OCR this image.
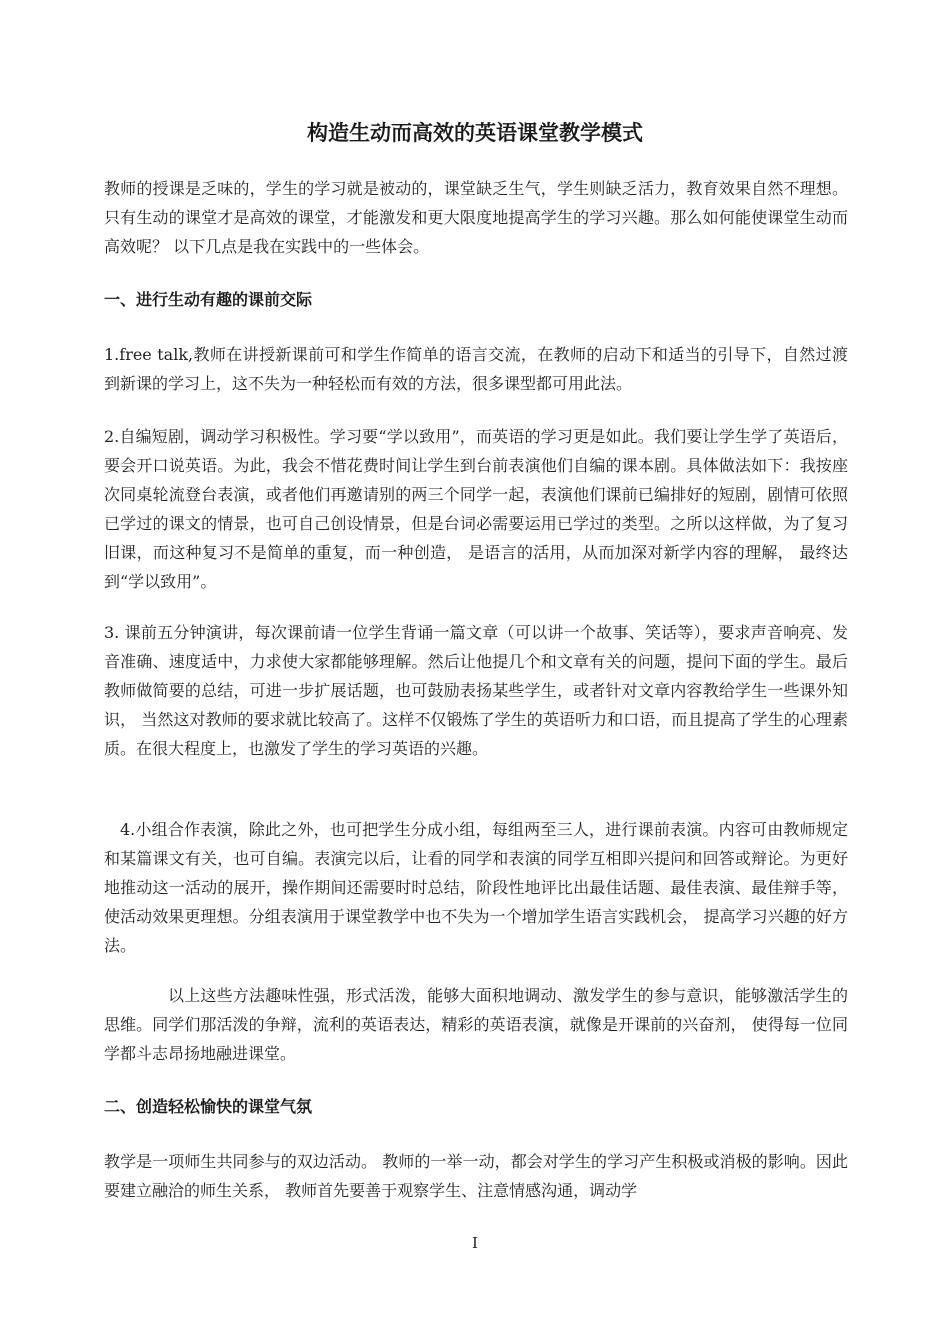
构造生动而高效的英语课堂教学模式

教师的授课是乏味的，学生的学习就是被动的，课堂缺乏生气，学生则缺乏活力，教育效果自然不理想。 只有生动的课堂才是高效的课堂，才能激发和更大限度地提高学生的学习兴趣。那么如何能使课堂生动而高效呢？ 以下几点是我在实践中的一些体会。

一、进行生动有趣的课前交际

1.free talk,教师在讲授新课前可和学生作简单的语言交流，在教师的启动下和适当的引导下，自然过渡到新课的学习上，这不失为一种轻松而有效的方法，很多课型都可用此法。

2.自编短剧，调动学习积极性。学习要“学以致用”，而英语的学习更是如此。我们要让学生学了英语后，要会开口说英语。为此，我会不惜花费时间让学生到台前表演他们自编的课本剧。具体做法如下：我按座次同桌轮流登台表演，或者他们再邀请别的两三个同学一起，表演他们课前已编排好的短剧，剧情可依照已学过的课文的情景，也可自己创设情景，但是台词必需要运用已学过的类型。之所以这样做，为了复习旧课，而这种复习不是简单的重复，而一种创造， 是语言的活用，从而加深对新学内容的理解， 最终达到“学以致用”。

3. 课前五分钟演讲，每次课前请一位学生背诵一篇文章（可以讲一个故事、笑话等），要求声音响亮、发音准确、速度适中，力求使大家都能够理解。然后让他提几个和文章有关的问题，提问下面的学生。最后教师做简要的总结，可进一步扩展话题，也可鼓励表扬某些学生，或者针对文章内容教给学生一些课外知识， 当然这对教师的要求就比较高了。这样不仅锻炼了学生的英语听力和口语，而且提高了学生的心理素质。在很大程度上，也激发了学生的学习英语的兴趣。

4.小组合作表演，除此之外，也可把学生分成小组，每组两至三人，进行课前表演。内容可由教师规定和某篇课文有关，也可自编。表演完以后，让看的同学和表演的同学互相即兴提问和回答或辩论。为更好地推动这一活动的展开，操作期间还需要时时总结，阶段性地评比出最佳话题、最佳表演、最佳辩手等，使活动效果更理想。分组表演用于课堂教学中也不失为一个增加学生语言实践机会， 提高学习兴趣的好方法。

以上这些方法趣味性强，形式活泼，能够大面积地调动、激发学生的参与意识，能够激活学生的思维。同学们那活泼的争辩，流利的英语表达，精彩的英语表演，就像是开课前的兴奋剂， 使得每一位同学都斗志昂扬地融进课堂。

二、创造轻松愉快的课堂气氛

教学是一项师生共同参与的双边活动。 教师的一举一动，都会对学生的学习产生积极或消极的影响。因此要建立融洽的师生关系， 教师首先要善于观察学生、注意情感沟通，调动学

I
